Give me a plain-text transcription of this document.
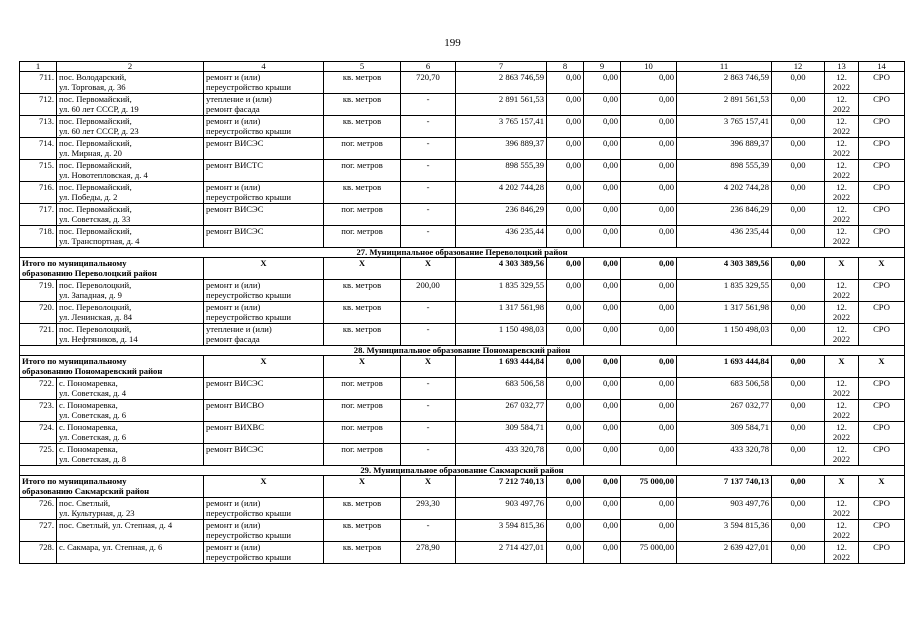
199
1	2	4	5	6	7	8	9	10	11	12	13	14
711.	пос. Володарский,
ул. Торговая, д. 36	ремонт и (или)
переустройство крыши	кв. метров	720,70	2 863 746,59	0,00	0,00	0,00	2 863 746,59	0,00	12.
2022	СРО
712.	пос. Первомайский,
ул. 60 лет СССР, д. 19	утепление и (или)
ремонт фасада	кв. метров	-	2 891 561,53	0,00	0,00	0,00	2 891 561,53	0,00	12.
2022	СРО
713.	пос. Первомайский,
ул. 60 лет СССР, д. 23	ремонт и (или)
переустройство крыши	кв. метров	-	3 765 157,41	0,00	0,00	0,00	3 765 157,41	0,00	12.
2022	СРО
714.	пос. Первомайский,
ул. Мирная, д. 20	ремонт ВИСЭС	пог. метров	-	396 889,37	0,00	0,00	0,00	396 889,37	0,00	12.
2022	СРО
715.	пос. Первомайский,
ул. Новотепловская, д. 4	ремонт ВИСТС	пог. метров	-	898 555,39	0,00	0,00	0,00	898 555,39	0,00	12.
2022	СРО
716.	пос. Первомайский,
ул. Победы, д. 2	ремонт и (или)
переустройство крыши	кв. метров	-	4 202 744,28	0,00	0,00	0,00	4 202 744,28	0,00	12.
2022	СРО
717.	пос. Первомайский,
ул. Советская, д. 33	ремонт ВИСЭС	пог. метров	-	236 846,29	0,00	0,00	0,00	236 846,29	0,00	12.
2022	СРО
718.	пос. Первомайский,
ул. Транспортная, д. 4	ремонт ВИСЭС	пог. метров	-	436 235,44	0,00	0,00	0,00	436 235,44	0,00	12.
2022	СРО
27. Муниципальное образование Переволоцкий район												
Итого по муниципальному
образованию Переволоцкий район		X	X	X	4 303 389,56	0,00	0,00	0,00	4 303 389,56	0,00	X	X
719.	пос. Переволоцкий,
ул. Западная, д. 9	ремонт и (или)
переустройство крыши	кв. метров	200,00	1 835 329,55	0,00	0,00	0,00	1 835 329,55	0,00	12.
2022	СРО
720.	пос. Переволоцкий,
ул. Ленинская, д. 84	ремонт и (или)
переустройство крыши	кв. метров	-	1 317 561,98	0,00	0,00	0,00	1 317 561,98	0,00	12.
2022	СРО
721.	пос. Переволоцкий,
ул. Нефтяников, д. 14	утепление и (или)
ремонт фасада	кв. метров	-	1 150 498,03	0,00	0,00	0,00	1 150 498,03	0,00	12.
2022	СРО
28. Муниципальное образование Пономаревский район												
Итого по муниципальному
образованию Пономаревский район		X	X	X	1 693 444,84	0,00	0,00	0,00	1 693 444,84	0,00	X	X
722.	с. Пономаревка,
ул. Советская, д. 4	ремонт ВИСЭС	пог. метров	-	683 506,58	0,00	0,00	0,00	683 506,58	0,00	12.
2022	СРО
723.	с. Пономаревка,
ул. Советская, д. 6	ремонт ВИСВО	пог. метров	-	267 032,77	0,00	0,00	0,00	267 032,77	0,00	12.
2022	СРО
724.	с. Пономаревка,
ул. Советская, д. 6	ремонт ВИХВС	пог. метров	-	309 584,71	0,00	0,00	0,00	309 584,71	0,00	12.
2022	СРО
725.	с. Пономаревка,
ул. Советская, д. 8	ремонт ВИСЭС	пог. метров	-	433 320,78	0,00	0,00	0,00	433 320,78	0,00	12.
2022	СРО
29. Муниципальное образование Сакмарский район												
Итого по муниципальному
образованию Сакмарский район		X	X	X	7 212 740,13	0,00	0,00	75 000,00	7 137 740,13	0,00	X	X
726.	пос. Светлый,
ул. Культурная, д. 23	ремонт и (или)
переустройство крыши	кв. метров	293,30	903 497,76	0,00	0,00	0,00	903 497,76	0,00	12.
2022	СРО
727.	пос. Светлый, ул. Степная, д. 4	ремонт и (или)
переустройство крыши	кв. метров	-	3 594 815,36	0,00	0,00	0,00	3 594 815,36	0,00	12.
2022	СРО
728.	с. Сакмара, ул. Степная, д. 6	ремонт и (или)
переустройство крыши	кв. метров	278,90	2 714 427,01	0,00	0,00	75 000,00	2 639 427,01	0,00	12.
2022	СРО
